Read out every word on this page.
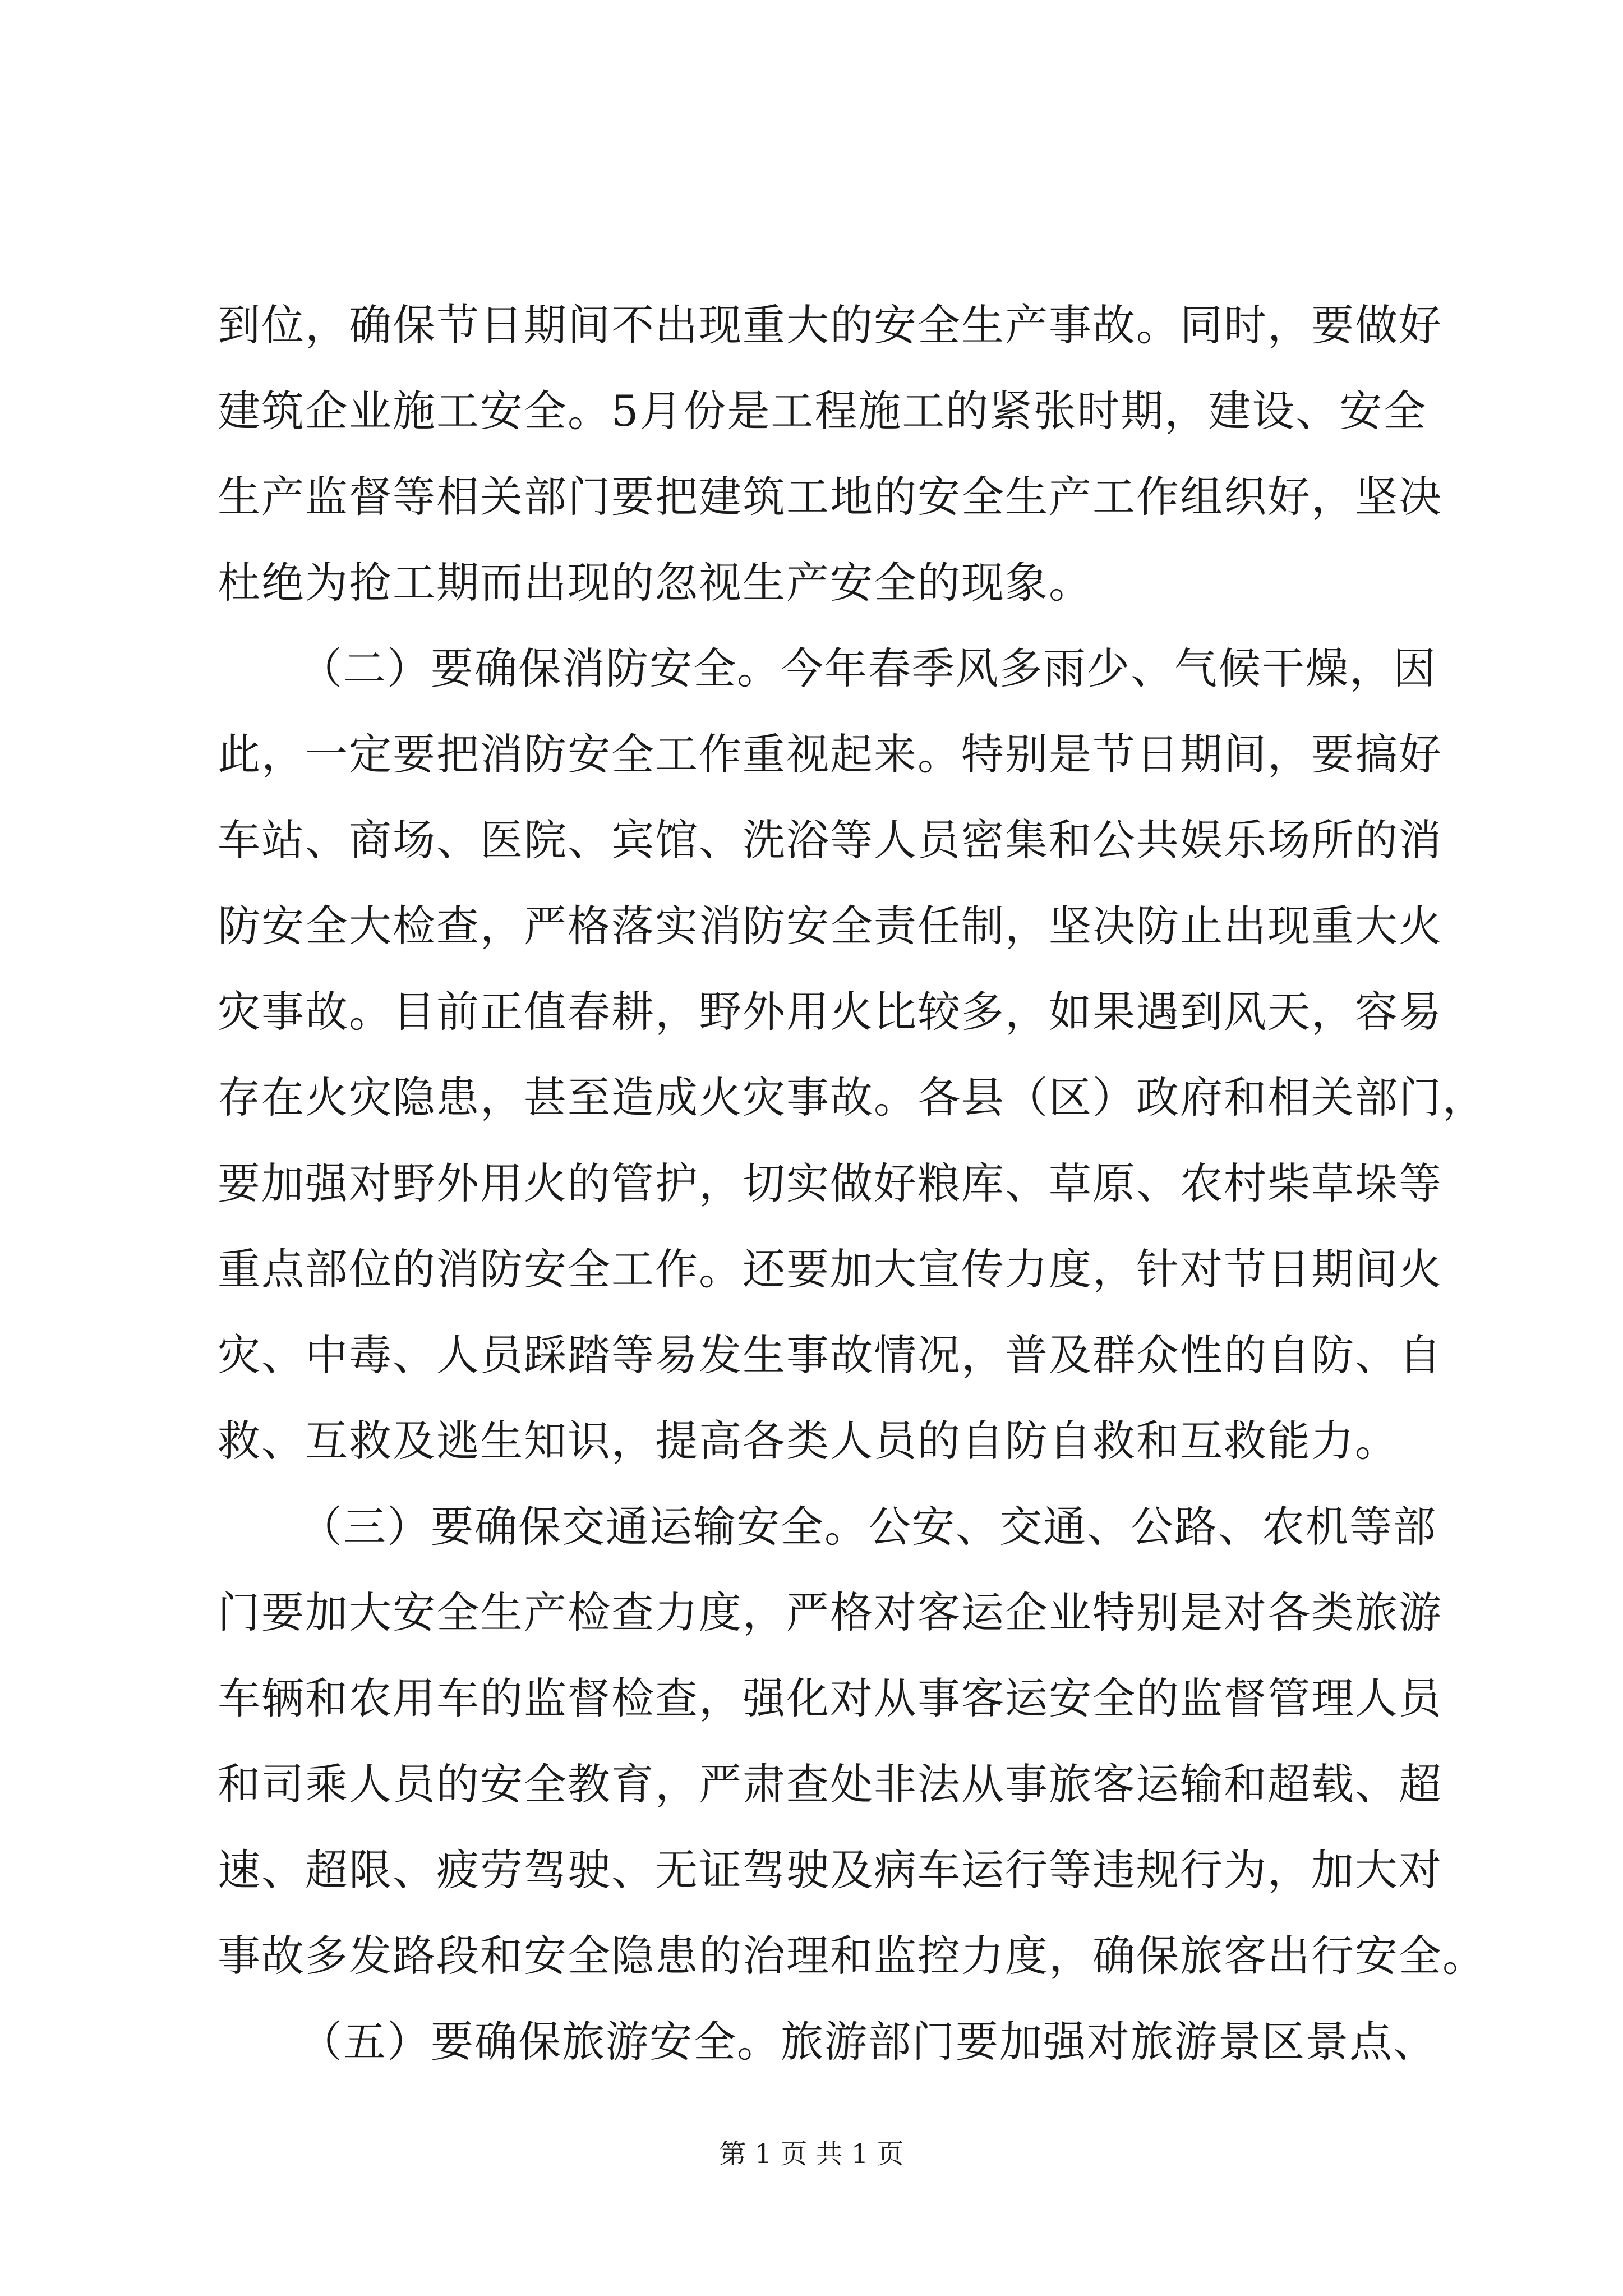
到位，确保节日期间不出现重大的安全生产事故。同时，要做好
建筑企业施工安全。5月份是工程施工的紧张时期，建设、安全
生产监督等相关部门要把建筑工地的安全生产工作组织好，坚决
杜绝为抢工期而出现的忽视生产安全的现象。
（二）要确保消防安全。今年春季风多雨少、气候干燥，因
此，一定要把消防安全工作重视起来。特别是节日期间，要搞好
车站、商场、医院、宾馆、洗浴等人员密集和公共娱乐场所的消
防安全大检查，严格落实消防安全责任制，坚决防止出现重大火
灾事故。目前正值春耕，野外用火比较多，如果遇到风天，容易
存在火灾隐患，甚至造成火灾事故。各县（区）政府和相关部门，
要加强对野外用火的管护，切实做好粮库、草原、农村柴草垛等
重点部位的消防安全工作。还要加大宣传力度，针对节日期间火
灾、中毒、人员踩踏等易发生事故情况，普及群众性的自防、自
救、互救及逃生知识，提高各类人员的自防自救和互救能力。
（三）要确保交通运输安全。公安、交通、公路、农机等部
门要加大安全生产检查力度，严格对客运企业特别是对各类旅游
车辆和农用车的监督检查，强化对从事客运安全的监督管理人员
和司乘人员的安全教育，严肃查处非法从事旅客运输和超载、超
速、超限、疲劳驾驶、无证驾驶及病车运行等违规行为，加大对
事故多发路段和安全隐患的治理和监控力度，确保旅客出行安全。
（五）要确保旅游安全。旅游部门要加强对旅游景区景点、
第 1 页 共 1 页
